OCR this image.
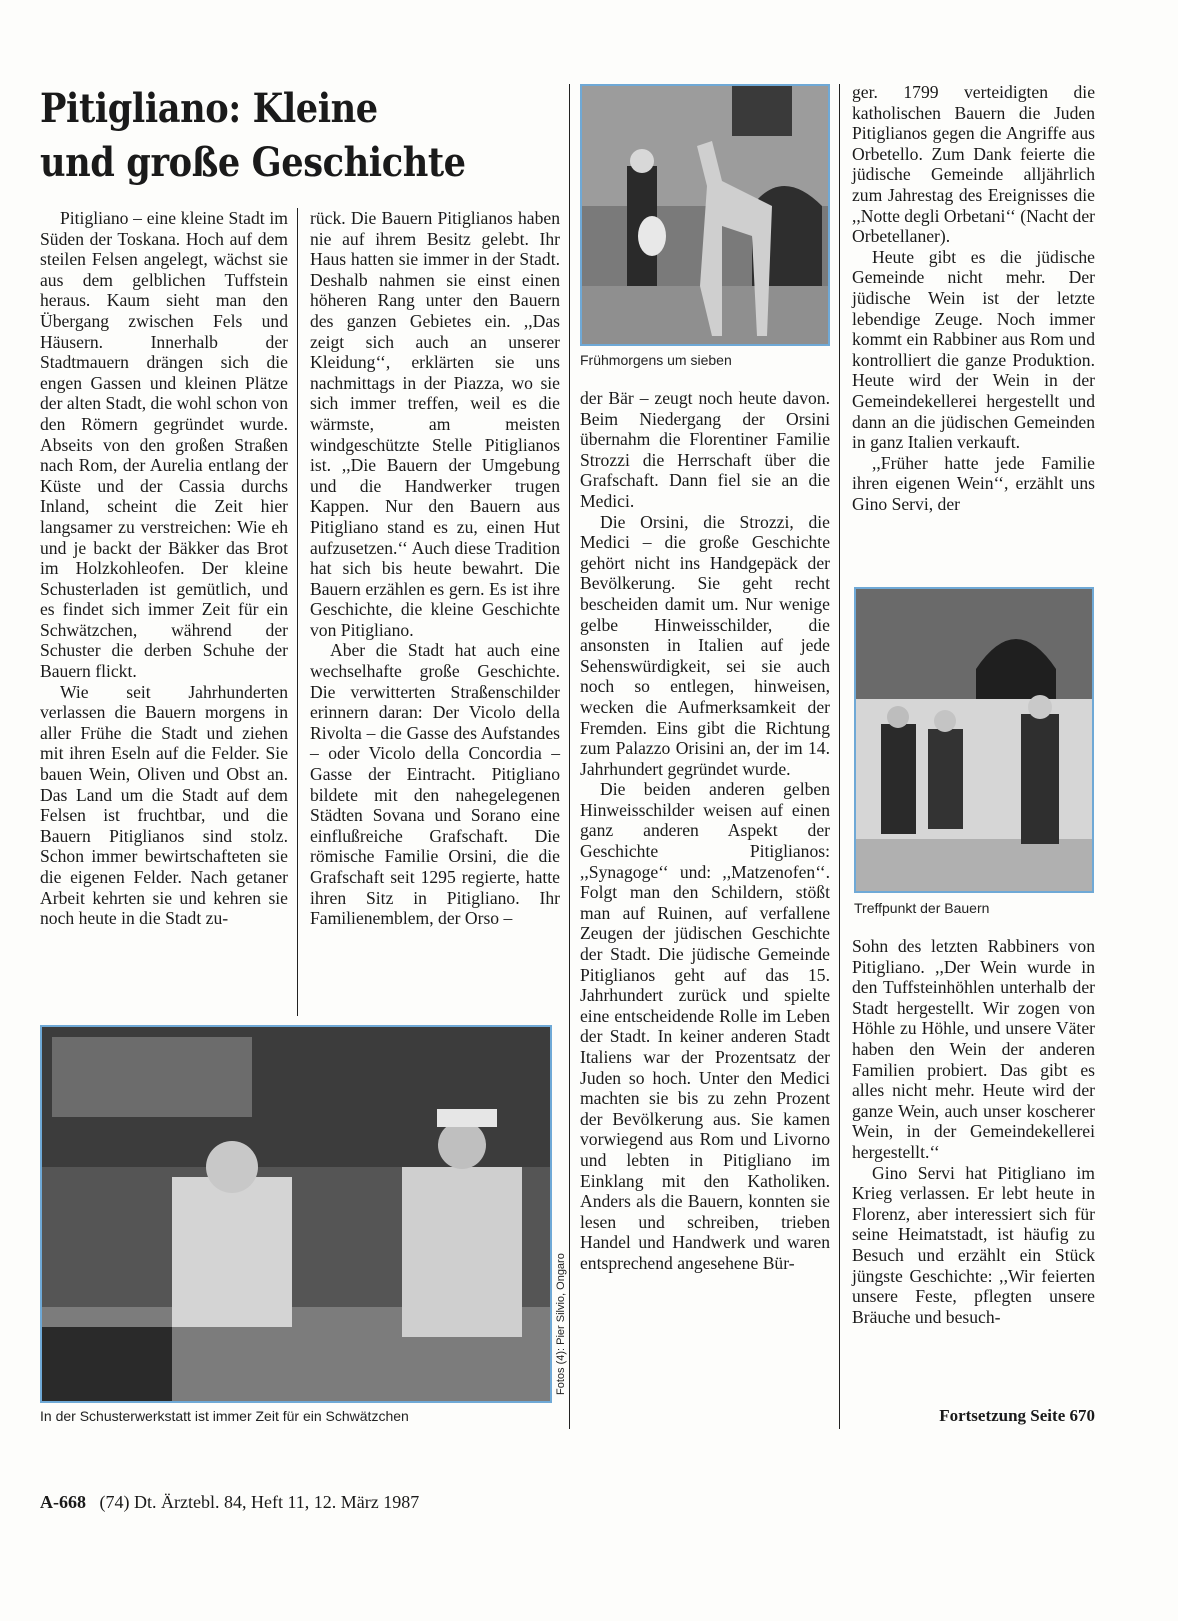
Pitigliano: Kleine
und große Geschichte

Pitigliano – eine kleine Stadt im Süden der Toskana. Hoch auf dem steilen Felsen angelegt, wächst sie aus dem gelblichen Tuffstein heraus. Kaum sieht man den Übergang zwischen Fels und Häusern. Innerhalb der Stadtmauern drängen sich die engen Gassen und kleinen Plätze der alten Stadt, die wohl schon von den Römern gegründet wurde. Abseits von den großen Straßen nach Rom, der Aurelia entlang der Küste und der Cassia durchs Inland, scheint die Zeit hier langsamer zu verstreichen: Wie eh und je backt der Bäkker das Brot im Holzkohleofen. Der kleine Schusterladen ist gemütlich, und es findet sich immer Zeit für ein Schwätzchen, während der Schuster die derben Schuhe der Bauern flickt.

Wie seit Jahrhunderten verlassen die Bauern morgens in aller Frühe die Stadt und ziehen mit ihren Eseln auf die Felder. Sie bauen Wein, Oliven und Obst an. Das Land um die Stadt auf dem Felsen ist fruchtbar, und die Bauern Pitiglianos sind stolz. Schon immer bewirtschafteten sie die eigenen Felder. Nach getaner Arbeit kehrten sie und kehren sie noch heute in die Stadt zu-

rück. Die Bauern Pitiglianos haben nie auf ihrem Besitz gelebt. Ihr Haus hatten sie immer in der Stadt. Deshalb nahmen sie einst einen höheren Rang unter den Bauern des ganzen Gebietes ein. ,,Das zeigt sich auch an unserer Kleidung‘‘, erklärten sie uns nachmittags in der Piazza, wo sie sich immer treffen, weil es die wärmste, am meisten windgeschützte Stelle Pitiglianos ist. ,,Die Bauern der Umgebung und die Handwerker trugen Kappen. Nur den Bauern aus Pitigliano stand es zu, einen Hut aufzusetzen.‘‘ Auch diese Tradition hat sich bis heute bewahrt. Die Bauern erzählen es gern. Es ist ihre Geschichte, die kleine Geschichte von Pitigliano.

Aber die Stadt hat auch eine wechselhafte große Geschichte. Die verwitterten Straßenschilder erinnern daran: Der Vicolo della Rivolta – die Gasse des Aufstandes – oder Vicolo della Concordia – Gasse der Eintracht. Pitigliano bildete mit den nahegelegenen Städten Sovana und Sorano eine einflußreiche Grafschaft. Die römische Familie Orsini, die die Grafschaft seit 1295 regierte, hatte ihren Sitz in Pitigliano. Ihr Familienemblem, der Orso –

Frühmorgens um sieben

der Bär – zeugt noch heute davon. Beim Niedergang der Orsini übernahm die Florentiner Familie Strozzi die Herrschaft über die Grafschaft. Dann fiel sie an die Medici.

Die Orsini, die Strozzi, die Medici – die große Geschichte gehört nicht ins Handgepäck der Bevölkerung. Sie geht recht bescheiden damit um. Nur wenige gelbe Hinweisschilder, die ansonsten in Italien auf jede Sehenswürdigkeit, sei sie auch noch so entlegen, hinweisen, wecken die Aufmerksamkeit der Fremden. Eins gibt die Richtung zum Palazzo Orisini an, der im 14. Jahrhundert gegründet wurde.

Die beiden anderen gelben Hinweisschilder weisen auf einen ganz anderen Aspekt der Geschichte Pitiglianos: ,,Synagoge‘‘ und: ,,Matzenofen‘‘. Folgt man den Schildern, stößt man auf Ruinen, auf verfallene Zeugen der jüdischen Geschichte der Stadt. Die jüdische Gemeinde Pitiglianos geht auf das 15. Jahrhundert zurück und spielte eine entscheidende Rolle im Leben der Stadt. In keiner anderen Stadt Italiens war der Prozentsatz der Juden so hoch. Unter den Medici machten sie bis zu zehn Prozent der Bevölkerung aus. Sie kamen vorwiegend aus Rom und Livorno und lebten in Pitigliano im Einklang mit den Katholiken. Anders als die Bauern, konnten sie lesen und schreiben, trieben Handel und Handwerk und waren entsprechend angesehene Bür-

ger. 1799 verteidigten die katholischen Bauern die Juden Pitiglianos gegen die Angriffe aus Orbetello. Zum Dank feierte die jüdische Gemeinde alljährlich zum Jahrestag des Ereignisses die ,,Notte degli Orbetani‘‘ (Nacht der Orbetellaner).

Heute gibt es die jüdische Gemeinde nicht mehr. Der jüdische Wein ist der letzte lebendige Zeuge. Noch immer kommt ein Rabbiner aus Rom und kontrolliert die ganze Produktion. Heute wird der Wein in der Gemeindekellerei hergestellt und dann an die jüdischen Gemeinden in ganz Italien verkauft.

,,Früher hatte jede Familie ihren eigenen Wein‘‘, erzählt uns Gino Servi, der

Treffpunkt der Bauern

Sohn des letzten Rabbiners von Pitigliano. ,,Der Wein wurde in den Tuffsteinhöhlen unterhalb der Stadt hergestellt. Wir zogen von Höhle zu Höhle, und unsere Väter haben den Wein der anderen Familien probiert. Das gibt es alles nicht mehr. Heute wird der ganze Wein, auch unser koscherer Wein, in der Gemeindekellerei hergestellt.‘‘

Gino Servi hat Pitigliano im Krieg verlassen. Er lebt heute in Florenz, aber interessiert sich für seine Heimatstadt, ist häufig zu Besuch und erzählt ein Stück jüngste Geschichte: ,,Wir feierten unsere Feste, pflegten unsere Bräuche und besuch-

Fortsetzung Seite 670
Fotos (4): Pier Silvio, Ongaro
In der Schusterwerkstatt ist immer Zeit für ein Schwätzchen
A-668 (74) Dt. Ärztebl. 84, Heft 11, 12. März 1987
